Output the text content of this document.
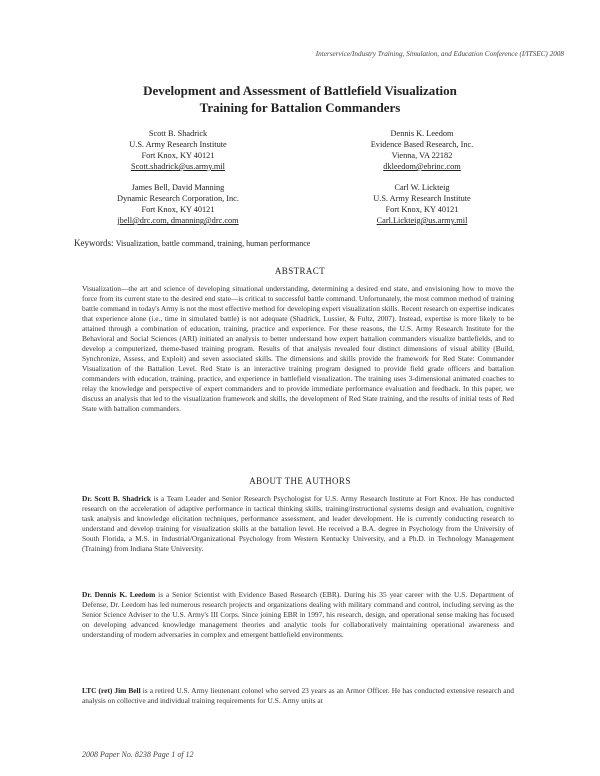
Interservice/Industry Training, Simulation, and Education Conference (I/ITSEC) 2008
Development and Assessment of Battlefield Visualization
Training for Battalion Commanders
Scott B. Shadrick
U.S. Army Research Institute
Fort Knox, KY 40121
Scott.shadrick@us.army.mil
Dennis K. Leedom
Evidence Based Research, Inc.
Vienna, VA 22182
dkleedom@ebrinc.com
James Bell, David Manning
Dynamic Research Corporation, Inc.
Fort Knox, KY 40121
jbell@drc.com, dmanning@drc.com
Carl W. Lickteig
U.S. Army Research Institute
Fort Knox, KY 40121
Carl.Lickteig@us.army.mil
Keywords: Visualization, battle command, training, human performance
ABSTRACT
Visualization—the art and science of developing situational understanding, determining a desired end state, and envisioning how to move the force from its current state to the desired end state—is critical to successful battle command. Unfortunately, the most common method of training battle command in today's Army is not the most effective method for developing expert visualization skills. Recent research on expertise indicates that experience alone (i.e., time in simulated battle) is not adequate (Shadrick, Lussier, & Fultz, 2007). Instead, expertise is more likely to be attained through a combination of education, training, practice and experience. For these reasons, the U.S. Army Research Institute for the Behavioral and Social Sciences (ARI) initiated an analysis to better understand how expert battalion commanders visualize battlefields, and to develop a computerized, theme-based training program. Results of that analysis revealed four distinct dimensions of visual ability (Build, Synchronize, Assess, and Exploit) and seven associated skills. The dimensions and skills provide the framework for Red State: Commander Visualization of the Battalion Level. Red State is an interactive training program designed to provide field grade officers and battalion commanders with education, training, practice, and experience in battlefield visualization. The training uses 3-dimensional animated coaches to relay the knowledge and perspective of expert commanders and to provide immediate performance evaluation and feedback. In this paper, we discuss an analysis that led to the visualization framework and skills, the development of Red State training, and the results of initial tests of Red State with battalion commanders.
ABOUT THE AUTHORS
Dr. Scott B. Shadrick is a Team Leader and Senior Research Psychologist for U.S. Army Research Institute at Fort Knox. He has conducted research on the acceleration of adaptive performance in tactical thinking skills, training/instructional systems design and evaluation, cognitive task analysis and knowledge elicitation techniques, performance assessment, and leader development. He is currently conducting research to understand and develop training for visualization skills at the battalion level. He received a B.A. degree in Psychology from the University of South Florida, a M.S. in Industrial/Organizational Psychology from Western Kentucky University, and a Ph.D. in Technology Management (Training) from Indiana State University.
Dr. Dennis K. Leedom is a Senior Scientist with Evidence Based Research (EBR). During his 35 year career with the U.S. Department of Defense, Dr. Leedom has led numerous research projects and organizations dealing with military command and control, including serving as the Senior Science Adviser to the U.S. Army's III Corps. Since joining EBR in 1997, his research, design, and operational sense making has focused on developing advanced knowledge management theories and analytic tools for collaboratively maintaining operational awareness and understanding of modern adversaries in complex and emergent battlefield environments.
LTC (ret) Jim Bell is a retired U.S. Army lieutenant colonel who served 23 years as an Armor Officer. He has conducted extensive research and analysis on collective and individual training requirements for U.S. Army units at
2008 Paper No. 8238 Page 1 of 12
